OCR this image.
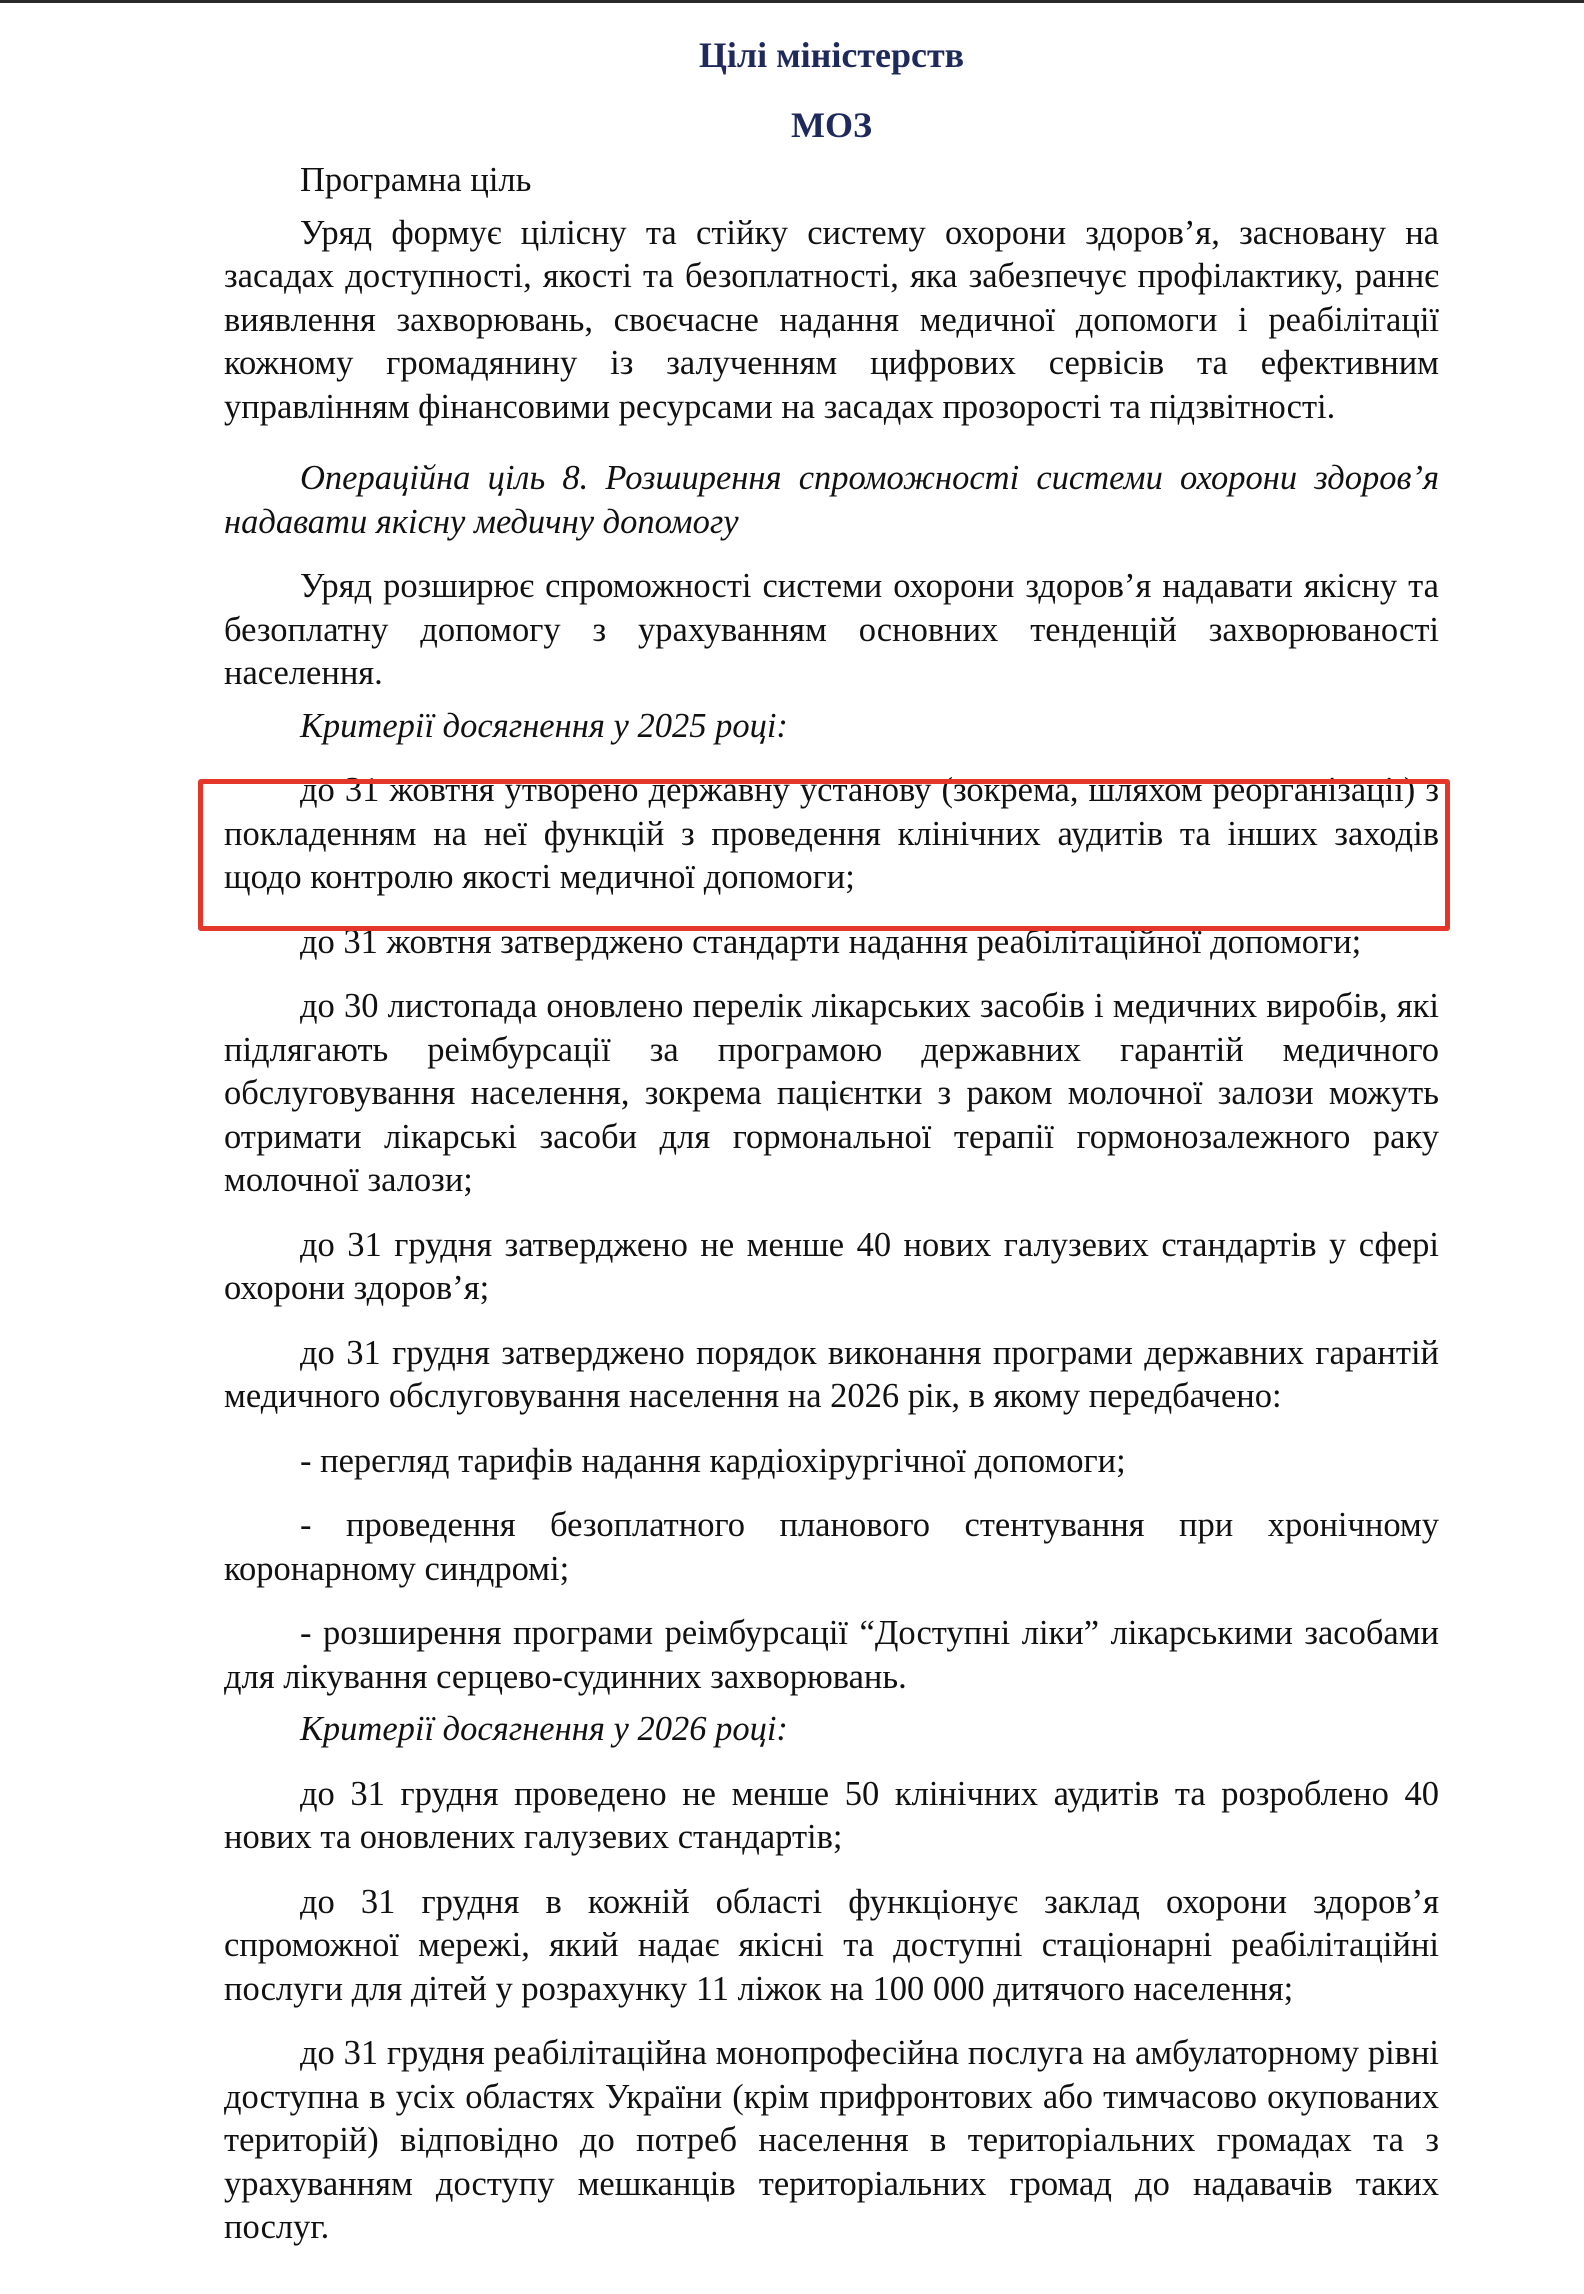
Цілі міністерств
МОЗ

Програмна ціль

Уряд формує цілісну та стійку систему охорони здоров’я, засновану на засадах доступності, якості та безоплатності, яка забезпечує профілактику, раннє виявлення захворювань, своєчасне надання медичної допомоги і реабілітації кожному громадянину із залученням цифрових сервісів та ефективним управлінням фінансовими ресурсами на засадах прозорості та підзвітності.

Операційна ціль 8. Розширення спроможності системи охорони здоров’я надавати якісну медичну допомогу

Уряд розширює спроможності системи охорони здоров’я надавати якісну та безоплатну допомогу з урахуванням основних тенденцій захворюваності населення.

Критерії досягнення у 2025 році:

до 31 жовтня утворено державну установу (зокрема, шляхом реорганізації) з покладенням на неї функцій з проведення клінічних аудитів та інших заходів щодо контролю якості медичної допомоги;

до 31 жовтня затверджено стандарти надання реабілітаційної допомоги;

до 30 листопада оновлено перелік лікарських засобів і медичних виробів, які підлягають реімбурсації за програмою державних гарантій медичного обслуговування населення, зокрема пацієнтки з раком молочної залози можуть отримати лікарські засоби для гормональної терапії гормонозалежного раку молочної залози;

до 31 грудня затверджено не менше 40 нових галузевих стандартів у сфері охорони здоров’я;

до 31 грудня затверджено порядок виконання програми державних гарантій медичного обслуговування населення на 2026 рік, в якому передбачено:

- перегляд тарифів надання кардіохірургічної допомоги;

- проведення безоплатного планового стентування при хронічному коронарному синдромі;

- розширення програми реімбурсації “Доступні ліки” лікарськими засобами для лікування серцево-судинних захворювань.

Критерії досягнення у 2026 році:

до 31 грудня проведено не менше 50 клінічних аудитів та розроблено 40 нових та оновлених галузевих стандартів;

до 31 грудня в кожній області функціонує заклад охорони здоров’я спроможної мережі, який надає якісні та доступні стаціонарні реабілітаційні послуги для дітей у розрахунку 11 ліжок на 100 000 дитячого населення;

до 31 грудня реабілітаційна монопрофесійна послуга на амбулаторному рівні доступна в усіх областях України (крім прифронтових або тимчасово окупованих територій) відповідно до потреб населення в територіальних громадах та з урахуванням доступу мешканців територіальних громад до надавачів таких послуг.
